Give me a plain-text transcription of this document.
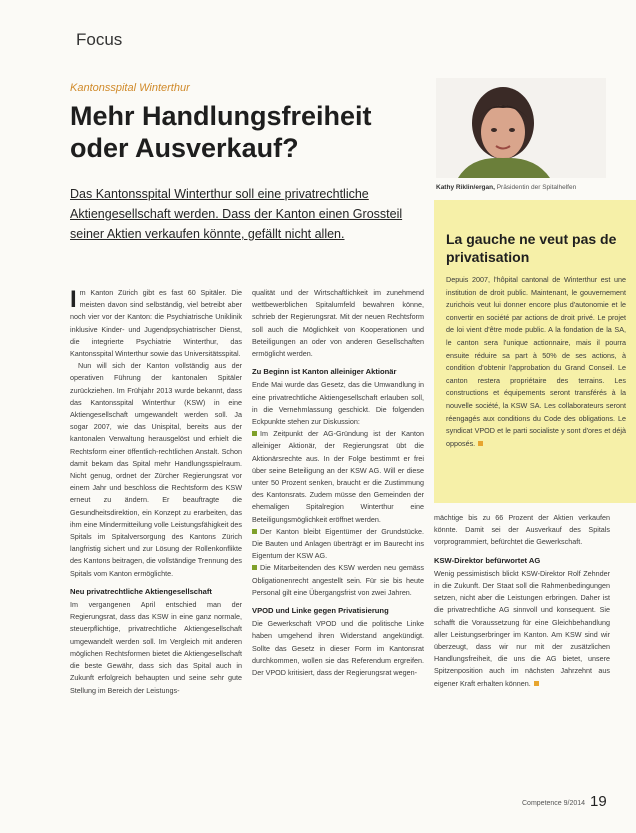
Focus
Kantonsspital Winterthur
Mehr Handlungsfreiheit oder Ausverkauf?

Das Kantonsspital Winterthur soll eine privatrechtliche Aktiengesellschaft werden. Dass der Kanton einen Grossteil seiner Aktien verkaufen könnte, gefällt nicht allen.

Kathy Riklin/ergan, Präsidentin der Spitalhelfen
La gauche ne veut pas de privatisation

Depuis 2007, l'hôpital cantonal de Winterthur est une institution de droit public. Maintenant, le gouvernement zurichois veut lui donner encore plus d'autonomie et le convertir en société par actions de droit privé. Le projet de loi vient d'être mode public. A la fondation de la SA, le canton sera l'unique actionnaire, mais il pourra ensuite réduire sa part à 50% de ses actions, à condition d'obtenir l'approbation du Grand Conseil. Le canton restera propriétaire des terrains. Les constructions et équipements seront transférés à la nouvelle société, la KSW SA. Les collaborateurs seront réengagés aux conditions du Code des obligations. Le syndicat VPOD et le parti socialiste y sont d'ores et déjà opposés.

Im Kanton Zürich gibt es fast 60 Spitäler. Die meisten davon sind selbständig, viel betreibt aber noch vier vor der Kanton: die Psychiatrische Uniklinik inklusive Kinder- und Jugendpsychiatrischer Dienst, die integrierte Psychiatrie Winterthur, das Kantonsspital Winterthur sowie das Universitätsspital.

Nun will sich der Kanton vollständig aus der operativen Führung der kantonalen Spitäler zurückziehen. Im Frühjahr 2013 wurde bekannt, dass das Kantonsspital Winterthur (KSW) in eine Aktiengesellschaft umgewandelt werden soll. Ja sogar 2007, wie das Unispital, bereits aus der kantonalen Verwaltung herausgelöst und erhielt die Rechtsform einer öffentlich-rechtlichen Anstalt. Schon damit bekam das Spital mehr Handlungsspielraum. Nicht genug, ordnet der Zürcher Regierungsrat vor einem Jahr und beschloss die Rechtsform des KSW erneut zu ändern. Er beauftragte die Gesundheitsdirektion, ein Konzept zu erarbeiten, das ihm eine Mindermitteilung volle Leistungsfähigkeit des Spitals im Spitalversorgung des Kantons Zürich langfristig sichert und zur Lösung der Rollenkonflikte des Kantons beitragen, die vollständige Trennung des Spitals vom Kanton ermöglichte.

Neu privatrechtliche Aktiengesellschaft

Im vergangenen April entschied man der Regierungsrat, dass das KSW in eine ganz normale, steuerpflichtige, privatrechtliche Aktiengesellschaft umgewandelt werden soll. Im Vergleich mit anderen möglichen Rechtsformen bietet die Aktiengesellschaft die beste Gewähr, dass sich das Spital auch in Zukunft erfolgreich behaupten und seine sehr gute Stellung im Bereich der Leistungs-

qualität und der Wirtschaftlichkeit im zunehmend wettbewerblichen Spitalumfeld bewahren könne, schrieb der Regierungsrat. Mit der neuen Rechtsform soll auch die Möglichkeit von Kooperationen und Beteiligungen an oder von anderen Gesellschaften ermöglicht werden.

Zu Beginn ist Kanton alleiniger Aktionär

Ende Mai wurde das Gesetz, das die Umwandlung in eine privatrechtliche Aktiengesellschaft erlauben soll, in die Vernehmlassung geschickt. Die folgenden Eckpunkte stehen zur Diskussion:

Im Zeitpunkt der AG-Gründung ist der Kanton alleiniger Aktionär, der Regierungsrat übt die Aktionärsrechte aus. In der Folge bestimmt er frei über seine Beteiligung an der KSW AG. Will er diese unter 50 Prozent senken, braucht er die Zustimmung des Kantonsrats. Zudem müsse den Gemeinden der ehemaligen Spitalregion Winterthur eine Beteiligungsmöglichkeit eröffnet werden.

Der Kanton bleibt Eigentümer der Grundstücke. Die Bauten und Anlagen überträgt er im Baurecht ins Eigentum der KSW AG.

Die Mitarbeitenden des KSW werden neu gemäss Obligationenrecht angestellt sein. Für sie bis heute Personal gilt eine Übergangsfrist von zwei Jahren.

VPOD und Linke gegen Privatisierung

Die Gewerkschaft VPOD und die politische Linke haben umgehend ihren Widerstand angekündigt. Sollte das Gesetz in dieser Form im Kantonsrat durchkommen, wollen sie das Referendum ergreifen. Der VPOD kritisiert, dass der Regierungsrat wegen-

mächtige bis zu 66 Prozent der Aktien verkaufen könnte. Damit sei der Ausverkauf des Spitals vorprogrammiert, befürchtet die Gewerkschaft.

KSW-Direktor befürwortet AG

Wenig pessimistisch blickt KSW-Direktor Rolf Zehnder in die Zukunft. Der Staat soll die Rahmenbedingungen setzen, nicht aber die Leistungen erbringen. Daher ist die privatrechtliche AG sinnvoll und konsequent. Sie schafft die Voraussetzung für eine Gleichbehandlung aller Leistungserbringer im Kanton. Am KSW sind wir überzeugt, dass wir nur mit der zusätzlichen Handlungsfreiheit, die uns die AG bietet, unsere Spitzenposition auch im nächsten Jahrzehnt aus eigener Kraft erhalten können.

Competence 9/2014 19
